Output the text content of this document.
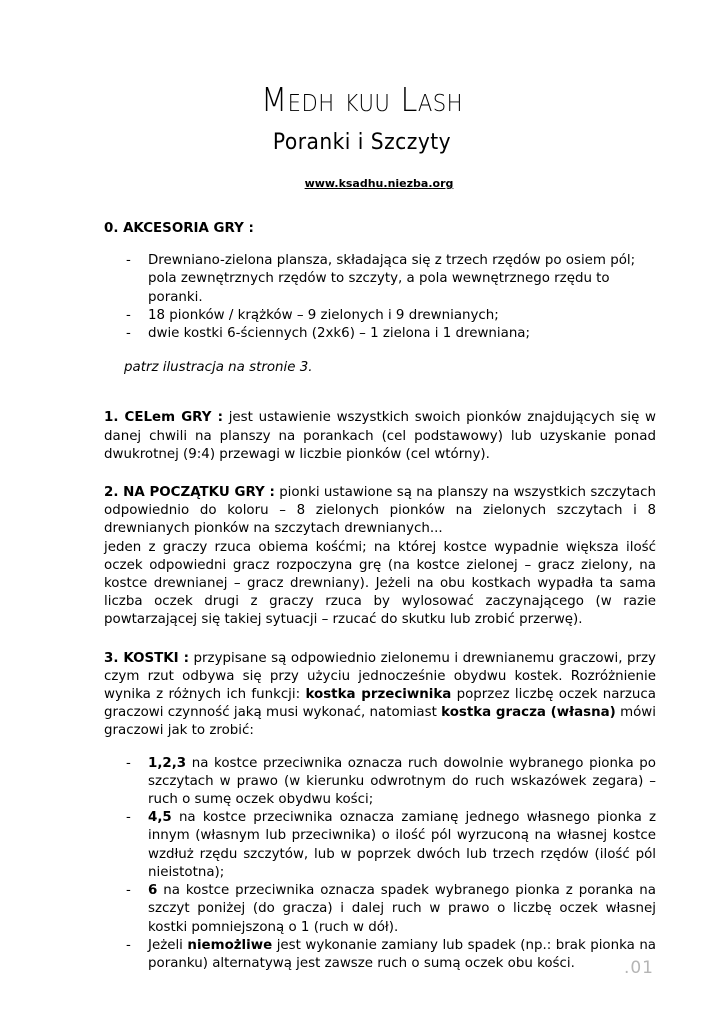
Medh kuu Lash
Poranki i Szczyty
www.ksadhu.niezba.org
0. AKCESORIA GRY :
- Drewniano-zielona plansza, składająca się z trzech rzędów po osiem pól; pola zewnętrznych rzędów to szczyty, a pola wewnętrznego rzędu to poranki.
- 18 pionków / krążków – 9 zielonych i 9 drewnianych;
- dwie kostki 6-ściennych (2xk6) – 1 zielona i 1 drewniana;
patrz ilustracja na stronie 3.

1. CELem GRY : jest ustawienie wszystkich swoich pionków znajdujących się w danej chwili na planszy na porankach (cel podstawowy) lub uzyskanie ponad dwukrotnej (9:4) przewagi w liczbie pionków (cel wtórny).

2. NA POCZĄTKU GRY : pionki ustawione są na planszy na wszystkich szczytach odpowiednio do koloru – 8 zielonych pionków na zielonych szczytach i 8 drewnianych pionków na szczytach drewnianych...
jeden z graczy rzuca obiema kośćmi; na której kostce wypadnie większa ilość oczek odpowiedni gracz rozpoczyna grę (na kostce zielonej – gracz zielony, na kostce drewnianej – gracz drewniany). Jeżeli na obu kostkach wypadła ta sama liczba oczek drugi z graczy rzuca by wylosować zaczynającego (w razie powtarzającej się takiej sytuacji – rzucać do skutku lub zrobić przerwę).

3. KOSTKI : przypisane są odpowiednio zielonemu i drewnianemu graczowi, przy czym rzut odbywa się przy użyciu jednocześnie obydwu kostek. Rozróżnienie wynika z różnych ich funkcji: kostka przeciwnika poprzez liczbę oczek narzuca graczowi czynność jaką musi wykonać, natomiast kostka gracza (własna) mówi graczowi jak to zrobić:

- 1,2,3 na kostce przeciwnika oznacza ruch dowolnie wybranego pionka po szczytach w prawo (w kierunku odwrotnym do ruch wskazówek zegara) – ruch o sumę oczek obydwu kości;
- 4,5 na kostce przeciwnika oznacza zamianę jednego własnego pionka z innym (własnym lub przeciwnika) o ilość pól wyrzuconą na własnej kostce wzdłuż rzędu szczytów, lub w poprzek dwóch lub trzech rzędów (ilość pól nieistotna);
- 6 na kostce przeciwnika oznacza spadek wybranego pionka z poranka na szczyt poniżej (do gracza) i dalej ruch w prawo o liczbę oczek własnej kostki pomniejszoną o 1 (ruch w dół).
- Jeżeli niemożliwe jest wykonanie zamiany lub spadek (np.: brak pionka na poranku) alternatywą jest zawsze ruch o sumą oczek obu kości.	.01
